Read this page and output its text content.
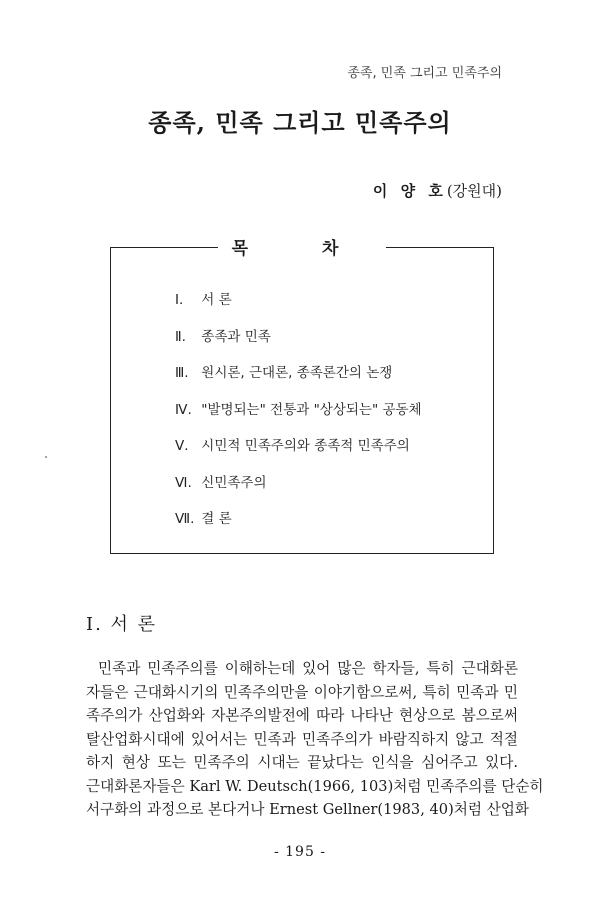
종족, 민족 그리고 민족주의
종족, 민족 그리고 민족주의
이 양 호(강원대)
목 차
Ⅰ. 서 론
Ⅱ. 종족과 민족
Ⅲ. 원시론, 근대론, 종족론간의 논쟁
Ⅳ. "발명되는" 전통과 "상상되는" 공동체
Ⅴ. 시민적 민족주의와 종족적 민족주의
Ⅵ. 신민족주의
Ⅶ. 결 론
I. 서 론

민족과 민족주의를 이해하는데 있어 많은 학자들, 특히 근대화론
자들은 근대화시기의 민족주의만을 이야기함으로써, 특히 민족과 민
족주의가 산업화와 자본주의발전에 따라 나타난 현상으로 봄으로써
탈산업화시대에 있어서는 민족과 민족주의가 바람직하지 않고 적절
하지 현상 또는 민족주의 시대는 끝났다는 인식을 심어주고 있다.
근대화론자들은 Karl W. Deutsch(1966, 103)처럼 민족주의를 단순히
서구화의 과정으로 본다거나 Ernest Gellner(1983, 40)처럼 산업화

- 195 -
